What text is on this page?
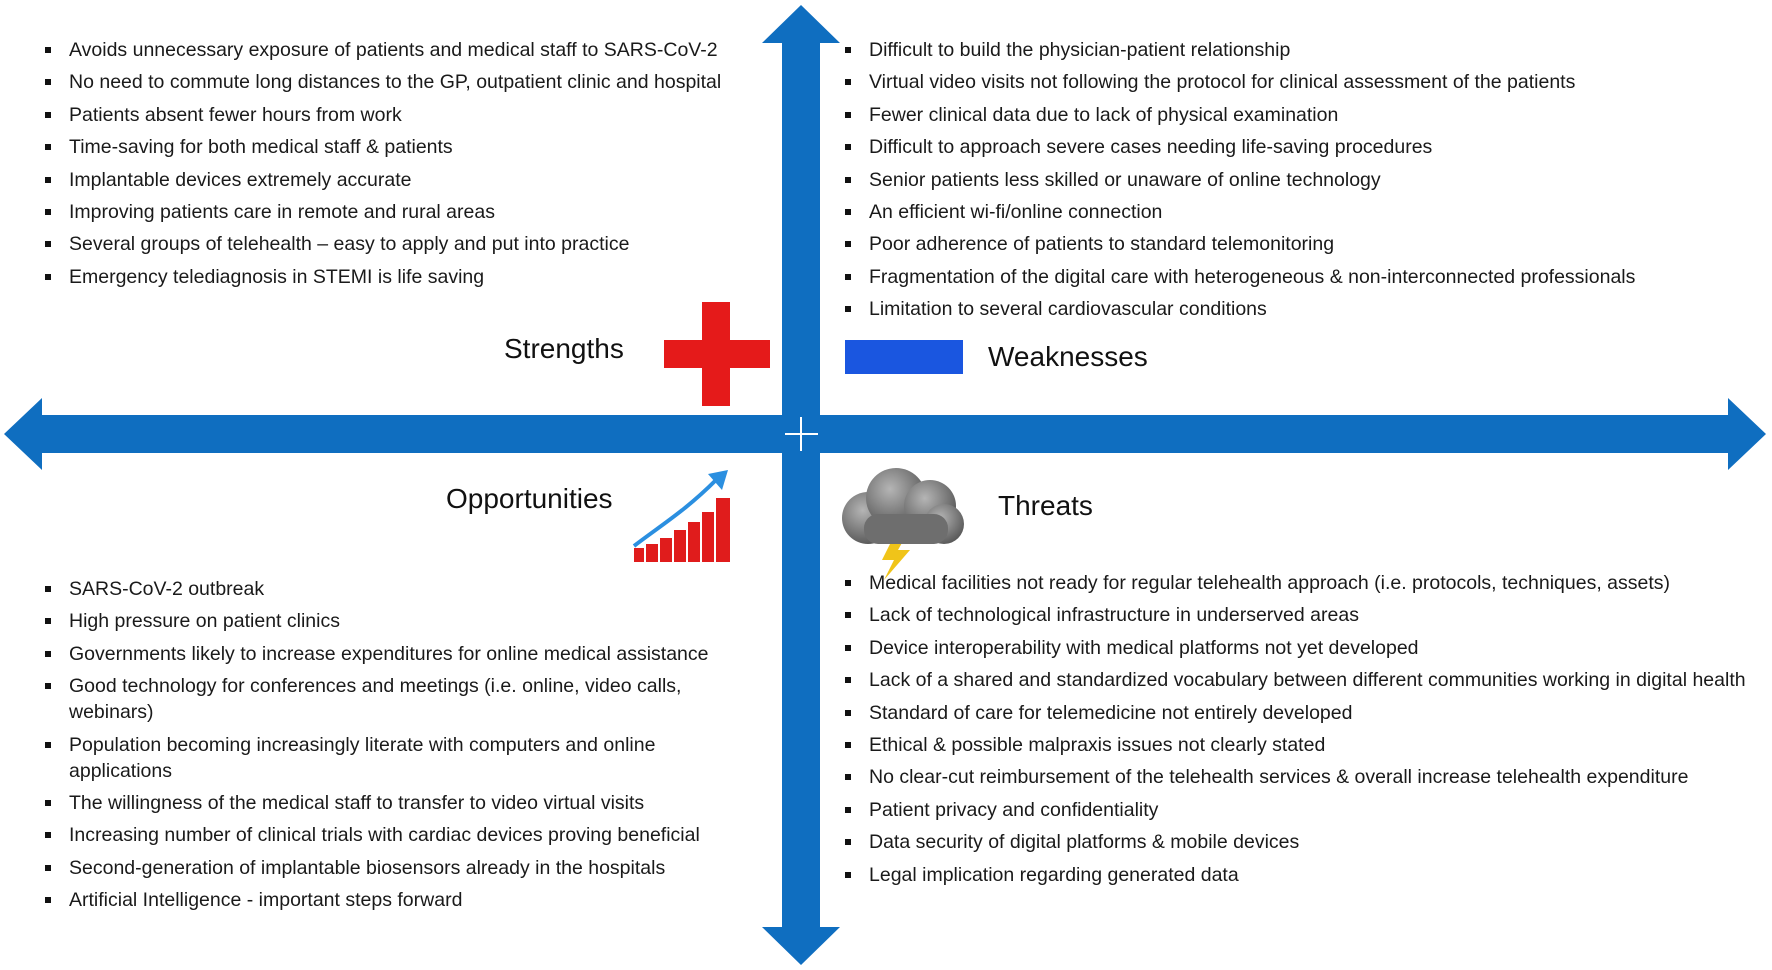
Avoids unnecessary exposure of patients and medical staff to SARS-CoV-2
No need to commute long distances to the GP, outpatient clinic and hospital
Patients absent fewer hours from work
Time-saving for both medical staff & patients
Implantable devices extremely accurate
Improving patients care in remote and rural areas
Several groups of telehealth – easy to apply and put into practice
Emergency telediagnosis in STEMI is life saving
Strengths
Difficult to build the physician-patient relationship
Virtual video visits not following the protocol for clinical assessment of the patients
Fewer clinical data due to lack of physical examination
Difficult to approach severe cases needing life-saving procedures
Senior patients less skilled or unaware of online technology
An efficient wi-fi/online connection
Poor adherence of patients to standard telemonitoring
Fragmentation of the digital care with heterogeneous & non-interconnected professionals
Limitation to several cardiovascular conditions
Weaknesses
Opportunities
SARS-CoV-2 outbreak
High pressure on patient clinics
Governments likely to increase expenditures for online medical assistance
Good technology for conferences and meetings (i.e. online, video calls, webinars)
Population becoming increasingly literate with computers and online applications
The willingness of the medical staff to transfer to video virtual visits
Increasing number of clinical trials with cardiac devices proving beneficial
Second-generation of implantable biosensors already in the hospitals
Artificial Intelligence - important steps forward
Threats
Medical facilities not ready for regular telehealth approach (i.e. protocols, techniques, assets)
Lack of technological infrastructure in underserved areas
Device interoperability with medical platforms not yet developed
Lack of a shared and standardized vocabulary between different communities working in digital health
Standard of care for telemedicine not entirely developed
Ethical & possible malpraxis issues not clearly stated
No clear-cut reimbursement of the telehealth services & overall increase telehealth expenditure
Patient privacy and confidentiality
Data security of digital platforms & mobile devices
Legal implication regarding generated data
